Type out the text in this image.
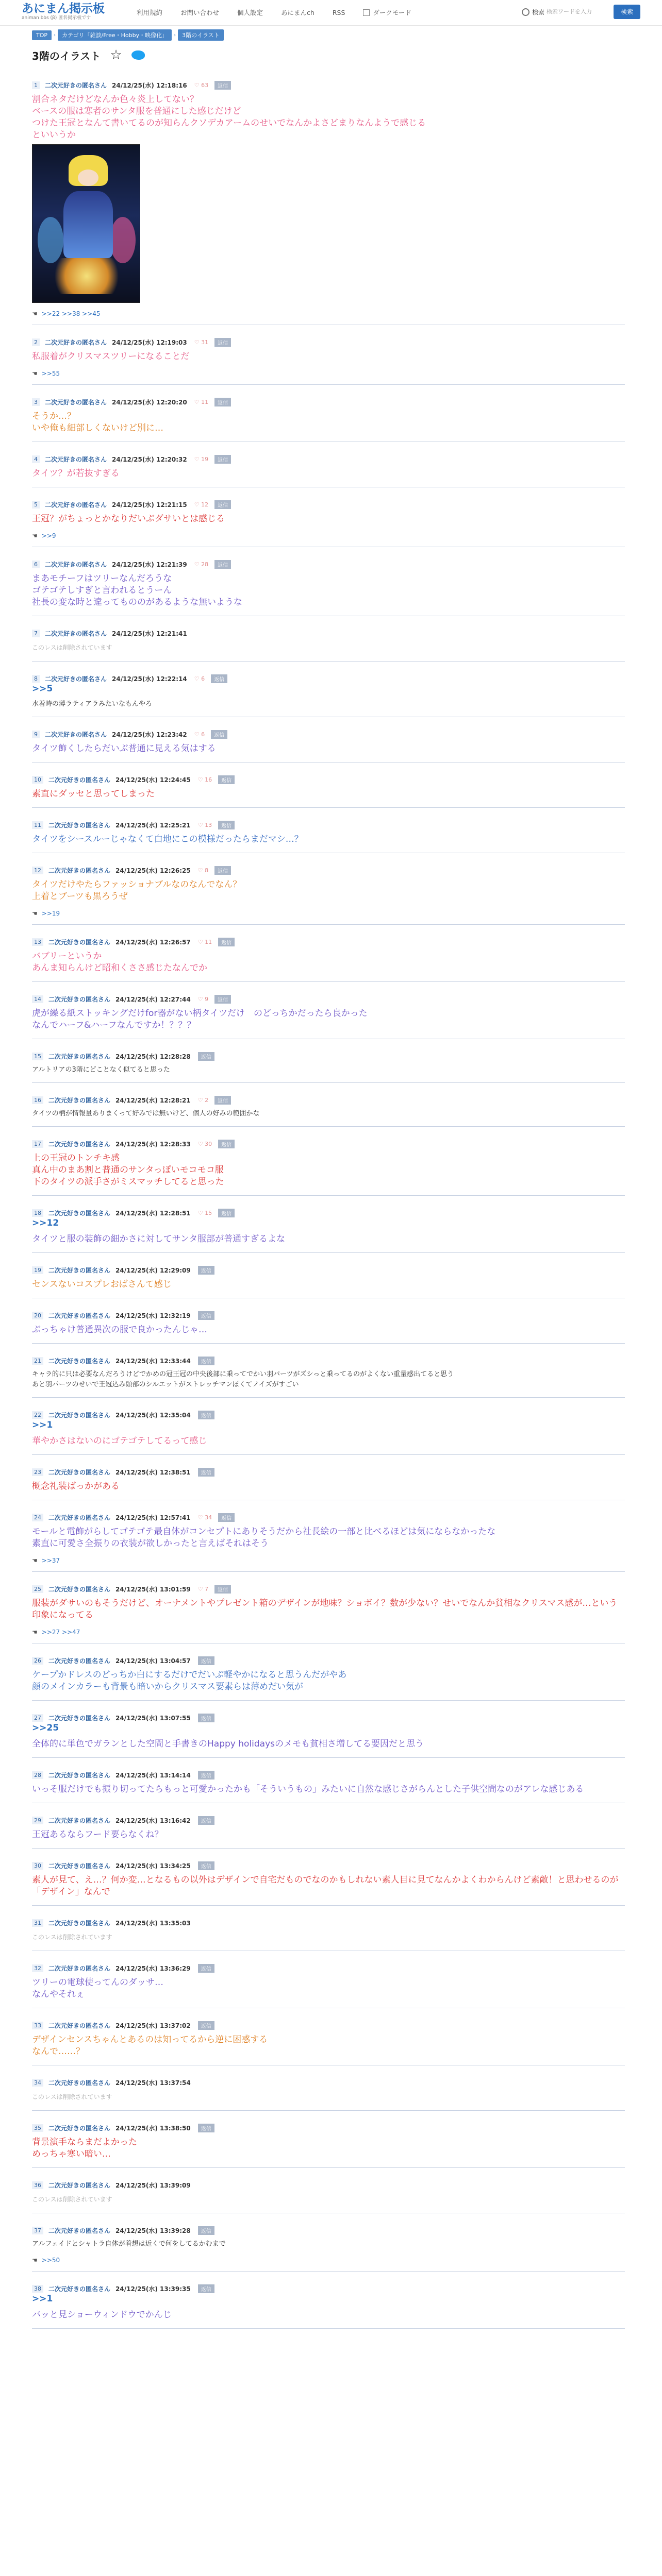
あにまん掲示板
animan bbs (β) 匿名掲示板です
利用規約	お問い合わせ	個人設定	あにまんch	RSS	ダークモード	検索 検索ワードを入力	検索
TOP	›	カテゴリ「雑談/Free・Hobby・映像化」	›	3階のイラスト
3階のイラスト ☆
1	二次元好きの匿名さん 24/12/25(水) 12:18:16 ♡ 63	返信
割合ネタだけどなんか色々炎上してない？
ベースの服は寒者のサンタ服を普通にした感じだけど
つけた王冠となんて書いてるのが知らんクソデカアームのせいでなんかよさどまりなんようで感じる
といいうか
☚ >>22 >>38 >>45
2	二次元好きの匿名さん 24/12/25(水) 12:19:03 ♡ 31	返信
私服着がクリスマスツリーになることだ
☚ >>55
3	二次元好きの匿名さん 24/12/25(水) 12:20:20 ♡ 11	返信
そうか…？
いや俺も細部しくないけど別に…
4	二次元好きの匿名さん 24/12/25(水) 12:20:32 ♡ 19	返信
タイツ？が若抜すぎる
5	二次元好きの匿名さん 24/12/25(水) 12:21:15 ♡ 12	返信
王冠？がちょっとかなりだいぶダサいとは感じる
☚ >>9
6	二次元好きの匿名さん 24/12/25(水) 12:21:39 ♡ 28	返信
まあモチーフはツリーなんだろうな
ゴテゴテしすぎと言われるとうーん
社長の変な時と違ってもののがあるような無いような
7	二次元好きの匿名さん 24/12/25(水) 12:21:41
このレスは削除されています
8	二次元好きの匿名さん 24/12/25(水) 12:22:14 ♡ 6	返信
>>5
水着時の薄ラティアラみたいなもんやろ
9	二次元好きの匿名さん 24/12/25(水) 12:23:42 ♡ 6	返信
タイツ飾くしたらだいぶ普通に見える気はする
10	二次元好きの匿名さん 24/12/25(水) 12:24:45 ♡ 16	返信
素直にダッセと思ってしまった
11	二次元好きの匿名さん 24/12/25(水) 12:25:21 ♡ 13	返信
タイツをシースルーじゃなくて白地にこの模様だったらまだマシ…？
12	二次元好きの匿名さん 24/12/25(水) 12:26:25 ♡ 8	返信
タイツだけやたらファッショナブルなのなんでなん？
上着とブーツも黒ろうぜ
☚ >>19
13	二次元好きの匿名さん 24/12/25(水) 12:26:57 ♡ 11	返信
バブリーというか
あんま知らんけど昭和くささ感じたなんでか
14	二次元好きの匿名さん 24/12/25(水) 12:27:44 ♡ 9	返信
虎が繰る紙ストッキングだけfor器がない柄タイツだけ　のどっちかだったら良かった
なんでハーフ&ハーフなんですか！？？？
15	二次元好きの匿名さん 24/12/25(水) 12:28:28	返信
アルトリアの3階にどことなく似てると思った
16	二次元好きの匿名さん 24/12/25(水) 12:28:21 ♡ 2	返信
タイツの柄が情報量ありまくって好みでは無いけど、個人の好みの範囲かな
17	二次元好きの匿名さん 24/12/25(水) 12:28:33 ♡ 30	返信
上の王冠のトンチキ感
真ん中のまあ割と普通のサンタっぽいモコモコ服
下のタイツの派手さがミスマッチしてると思った
18	二次元好きの匿名さん 24/12/25(水) 12:28:51 ♡ 15	返信
>>12
タイツと服の装飾の細かさに対してサンタ服部が普通すぎるよな
19	二次元好きの匿名さん 24/12/25(水) 12:29:09	返信
センスないコスプレおばさんて感じ
20	二次元好きの匿名さん 24/12/25(水) 12:32:19	返信
ぶっちゃけ普通異次の服で良かったんじゃ…
21	二次元好きの匿名さん 24/12/25(水) 12:33:44	返信
キャラ的に只は必要なんだろうけどでかめの冠王冠の中央後部に乗ってでかい羽パーツがズシっと乗ってるのがよくない重量感出てると思う
あと羽パーツのせいで王冠込み頭部のシルエットがストレッチマンぽくてノイズがすごい
22	二次元好きの匿名さん 24/12/25(水) 12:35:04	返信
>>1
華やかさはないのにゴテゴテしてるって感じ
23	二次元好きの匿名さん 24/12/25(水) 12:38:51	返信
概念礼装ばっかがある
24	二次元好きの匿名さん 24/12/25(水) 12:57:41 ♡ 34	返信
モールと電飾がらしてゴテゴテ最自体がコンセプトにありそうだから社長絵の一部と比べるほどは気にならなかったな
素直に可愛さ全振りの衣装が欲しかったと言えばそれはそう
☚ >>37
25	二次元好きの匿名さん 24/12/25(水) 13:01:59 ♡ 7	返信
服装がダサいのもそうだけど、オーナメントやプレゼント箱のデザインが地味？ショボイ？数が少ない？せいでなんか貧相なクリスマス感が…という印象になってる
☚ >>27 >>47
26	二次元好きの匿名さん 24/12/25(水) 13:04:57	返信
ケープかドレスのどっちか白にするだけでだいぶ軽やかになると思うんだがやあ
顔のメインカラーも背景も暗いからクリスマス要素らは薄めだい気が
27	二次元好きの匿名さん 24/12/25(水) 13:07:55	返信
>>25
全体的に単色でガランとした空間と手書きのHappy holidaysのメモも貧相さ増してる要因だと思う
28	二次元好きの匿名さん 24/12/25(水) 13:14:14	返信
いっそ服だけでも振り切ってたらもっと可愛かったかも「そういうもの」みたいに自然な感じさがらんとした子供空間なのがアレな感じある
29	二次元好きの匿名さん 24/12/25(水) 13:16:42	返信
王冠あるならフード要らなくね？
30	二次元好きの匿名さん 24/12/25(水) 13:34:25	返信
素人が見て、え…？何か変…となるもの以外はデザインで自宅だものでなのかもしれない素人目に見てなんかよくわからんけど素敵！と思わせるのが「デザイン」なんで
31	二次元好きの匿名さん 24/12/25(水) 13:35:03
このレスは削除されています
32	二次元好きの匿名さん 24/12/25(水) 13:36:29	返信
ツリーの電球使ってんのダッサ…
なんやそれぇ
33	二次元好きの匿名さん 24/12/25(水) 13:37:02	返信
デザインセンスちゃんとあるのは知ってるから逆に困惑する
なんで……？
34	二次元好きの匿名さん 24/12/25(水) 13:37:54
このレスは削除されています
35	二次元好きの匿名さん 24/12/25(水) 13:38:50	返信
背景演手ならまだよかった
めっちゃ寒い暗い…
36	二次元好きの匿名さん 24/12/25(水) 13:39:09
このレスは削除されています
37	二次元好きの匿名さん 24/12/25(水) 13:39:28	返信
アルフェイドとシャトラ自体が着想は近くで何をしてるかむまで
☚ >>50
38	二次元好きの匿名さん 24/12/25(水) 13:39:35	返信
>>1
バッと見ショーウィンドウでかんじ
